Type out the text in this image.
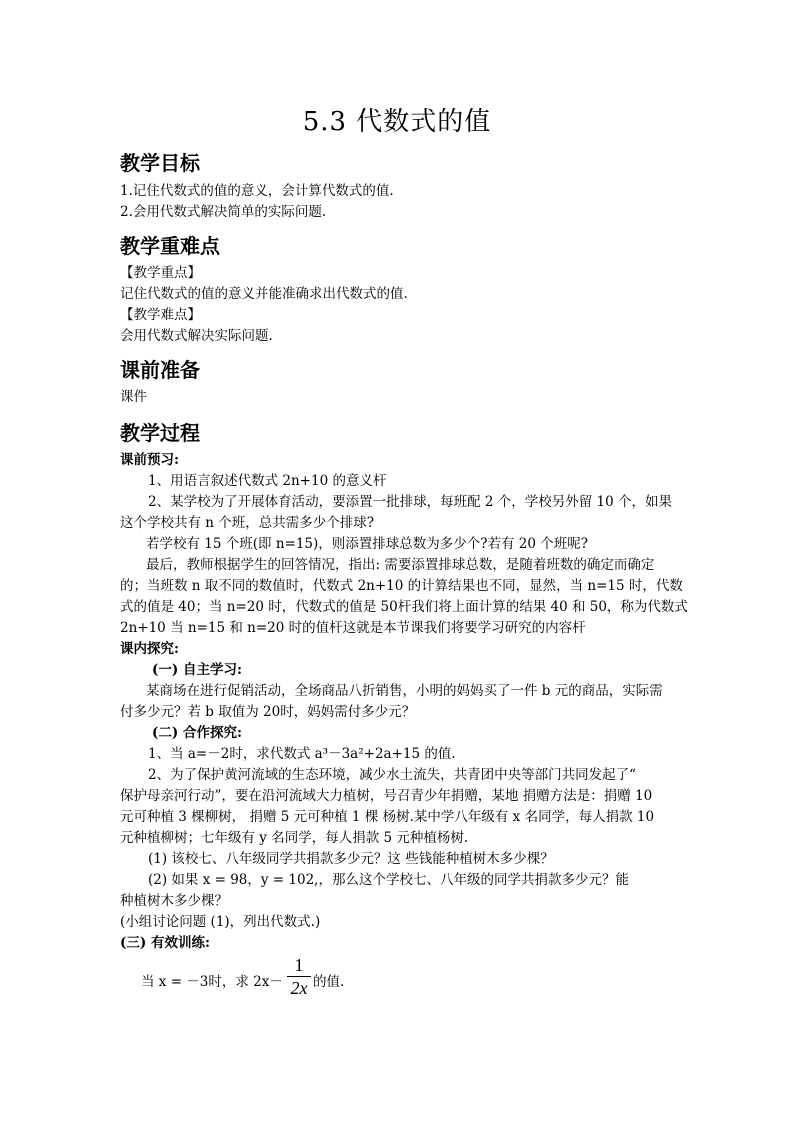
5.3 代数式的值
教学目标
1.记住代数式的值的意义，会计算代数式的值.
2.会用代数式解决简单的实际问题.
教学重难点
【教学重点】
记住代数式的值的意义并能准确求出代数式的值.
【教学难点】
会用代数式解决实际问题.
课前准备
课件
教学过程
课前预习:
1、用语言叙述代数式 2n+10 的意义杆
2、某学校为了开展体育活动，要添置一批排球，每班配 2 个，学校另外留 10 个，如果
这个学校共有 n 个班，总共需多少个排球?
若学校有 15 个班(即 n=15)，则添置排球总数为多少个?若有 20 个班呢?
最后，教师根据学生的回答情况，指出: 需要添置排球总数，是随着班数的确定而确定
的；当班数 n 取不同的数值时，代数式 2n+10 的计算结果也不同，显然，当 n=15 时，代数
式的值是 40；当 n=20 时，代数式的值是 50杆我们将上面计算的结果 40 和 50，称为代数式
2n+10 当 n=15 和 n=20 时的值杆这就是本节课我们将要学习研究的内容杆
课内探究:
(一) 自主学习:
某商场在进行促销活动，全场商品八折销售，小明的妈妈买了一件 b 元的商品，实际需
付多少元？若 b 取值为 20时，妈妈需付多少元？
(二) 合作探究:
1、当 a=－2时，求代数式 a³－3a²+2a+15 的值.
2、为了保护黄河流域的生态环境，减少水土流失，共青团中央等部门共同发起了“
保护母亲河行动”，要在沿河流域大力植树，号召青少年捐赠，某地 捐赠方法是：捐赠 10
元可种植 3 棵柳树， 捐赠 5 元可种植 1 棵 杨树.某中学八年级有 x 名同学，每人捐款 10
元种植柳树；七年级有 y 名同学，每人捐款 5 元种植杨树.
(1) 该校七、八年级同学共捐款多少元？这 些钱能种植树木多少棵？
(2) 如果 x = 98，y = 102,，那么这个学校七、八年级的同学共捐款多少元？能
种植树木多少棵？
(小组讨论问题 (1)，列出代数式.)
(三) 有效训练:
当 x = －3时，求 2x－
1
2x 的值.
